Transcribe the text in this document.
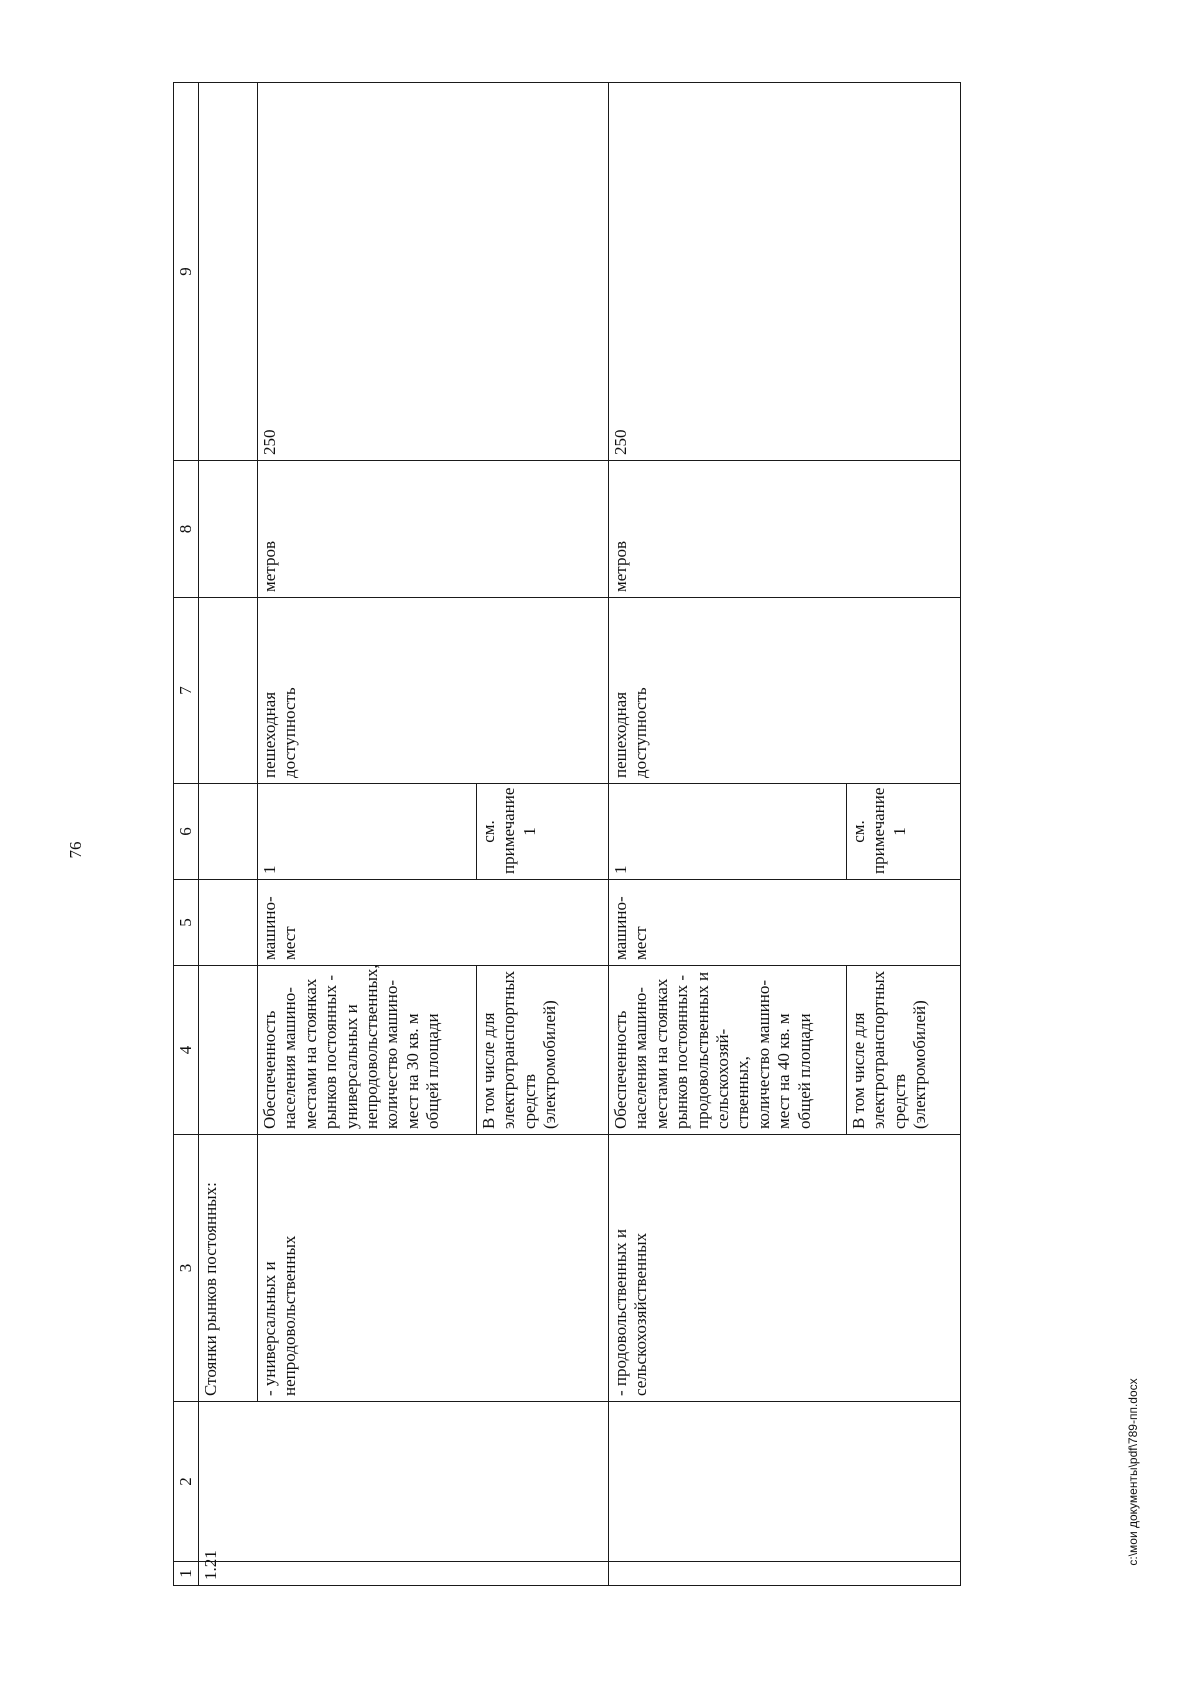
76
1	2	3	4	5	6	7	8	9
1.21		Стоянки рынков постоянных:						
		- универсальных и непродовольственных	Обеспеченность населения машино-местами на стоянках рынков постоянных - универсальных и непродовольственных, количество машино-мест на 30 кв. м общей площади	машино-мест	1	пешеходная доступность	метров	250
			В том числе для электротранспортных средств (электромобилей)		см. примечание 1			
		- продовольственных и сельскохозяйственных	Обеспеченность населения машино-местами на стоянках рынков постоянных - продовольственных и сельскохозяй-ственных, количество машино-мест на 40 кв. м общей площади	машино-мест	1	пешеходная доступность	метров	250
			В том числе для электротранспортных средств (электромобилей)		см. примечание 1			
c:\мои документы\pdf\789-пп.docx
